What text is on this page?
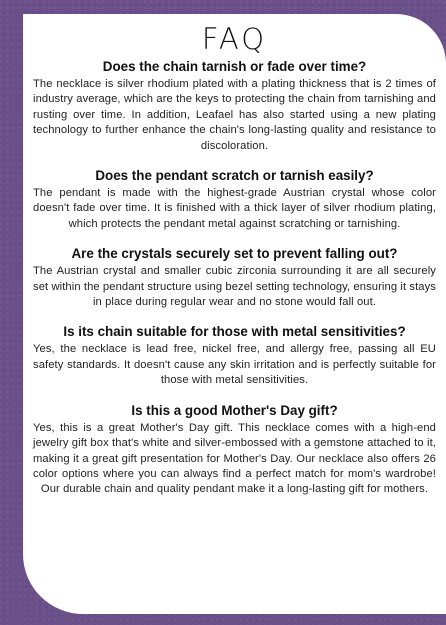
FAQ
Does the chain tarnish or fade over time?

The necklace is silver rhodium plated with a plating thickness that is 2 times of industry average, which are the keys to protecting the chain from tarnishing and rusting over time. In addition, Leafael has also started using a new plating technology to further enhance the chain's long-lasting quality and resistance to discoloration.

Does the pendant scratch or tarnish easily?

The pendant is made with the highest-grade Austrian crystal whose color doesn't fade over time. It is finished with a thick layer of silver rhodium plating, which protects the pendant metal against scratching or tarnishing.

Are the crystals securely set to prevent falling out?

The Austrian crystal and smaller cubic zirconia surrounding it are all securely set within the pendant structure using bezel setting technology, ensuring it stays in place during regular wear and no stone would fall out.

Is its chain suitable for those with metal sensitivities?

Yes, the necklace is lead free, nickel free, and allergy free, passing all EU safety standards. It doesn't cause any skin irritation and is perfectly suitable for those with metal sensitivities.

Is this a good Mother's Day gift?

Yes, this is a great Mother's Day gift. This necklace comes with a high-end jewelry gift box that's white and silver-embossed with a gemstone attached to it, making it a great gift presentation for Mother's Day. Our necklace also offers 26 color options where you can always find a perfect match for mom's wardrobe! Our durable chain and quality pendant make it a long-lasting gift for mothers.
